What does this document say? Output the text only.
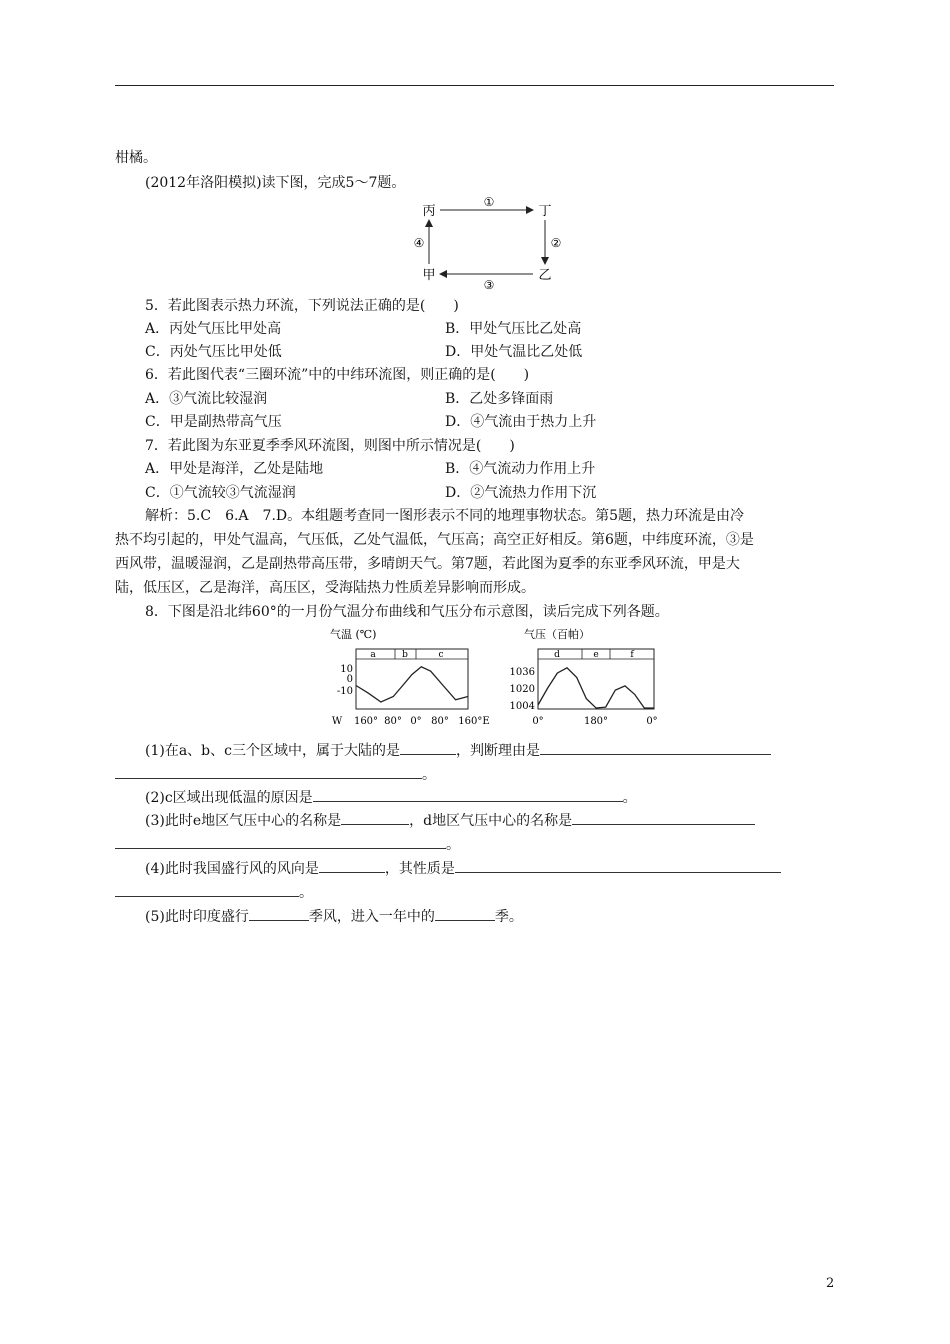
柑橘。
(2012年洛阳模拟)读下图，完成5～7题。
丙	丁
甲	乙
①
②
③
④
5．若此图表示热力环流，下列说法正确的是(　　)
A．丙处气压比甲处高	B．甲处气压比乙处高
C．丙处气压比甲处低	D．甲处气温比乙处低
6．若此图代表“三圈环流”中的中纬环流图，则正确的是(　　)
A．③气流比较湿润	B．乙处多锋面雨
C．甲是副热带高气压	D．④气流由于热力上升
7．若此图为东亚夏季季风环流图，则图中所示情况是(　　)
A．甲处是海洋，乙处是陆地	B．④气流动力作用上升
C．①气流较③气流湿润	D．②气流热力作用下沉
解析：5.C　6.A　7.D。本组题考查同一图形表示不同的地理事物状态。第5题，热力环流是由冷
热不均引起的，甲处气温高，气压低，乙处气温低，气压高；高空正好相反。第6题，中纬度环流，③是
西风带，温暖湿润，乙是副热带高压带，多晴朗天气。第7题，若此图为夏季的东亚季风环流，甲是大
陆，低压区，乙是海洋，高压区，受海陆热力性质差异影响而形成。
8．下图是沿北纬60°的一月份气温分布曲线和气压分布示意图，读后完成下列各题。
气温 (℃)
a	b	c
10
0
-10
W 160° 80° 0° 80° 160°E
气压（百帕）
d	e	f
1036
1020
1004
0°	180°	0°
(1)在a、b、c三个区域中，属于大陆的是	，判断理由是
。
(2)c区域出现低温的原因是	。
(3)此时e地区气压中心的名称是	，d地区气压中心的名称是
。
(4)此时我国盛行风的风向是	，其性质是
。
(5)此时印度盛行	季风，进入一年中的	季。
2
